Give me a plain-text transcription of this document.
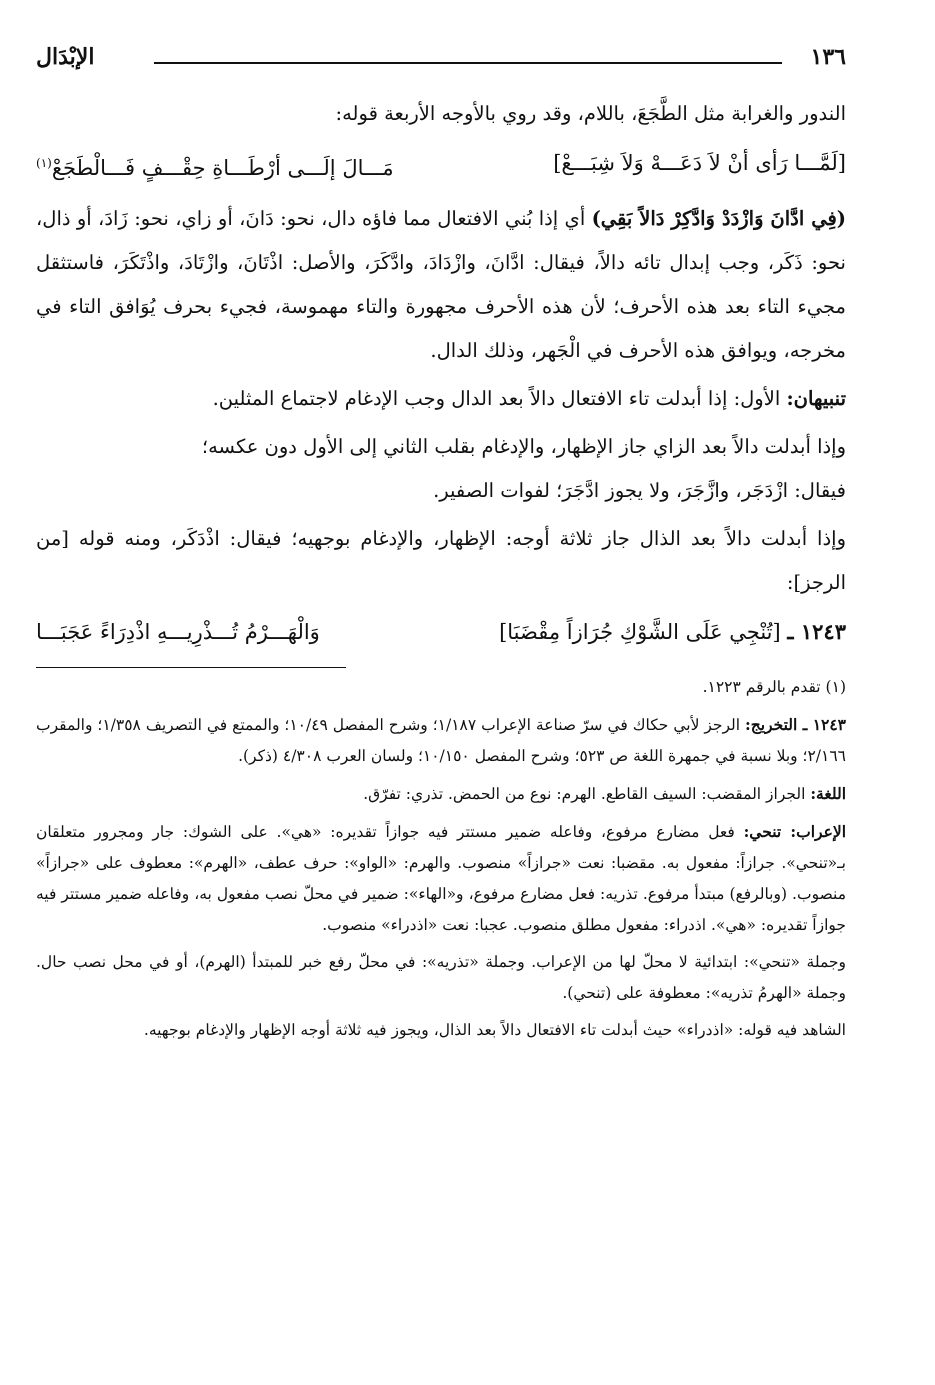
١٣٦
الإبْدَال

الندور والغرابة مثل الطَّجَعَ، باللام، وقد روي بالأوجه الأربعة قوله:

[لَمَّـــا رَأى أنْ لاَ دَعَـــهْ وَلاَ شِبَـــعْ]
مَـــالَ إلَـــى أرْطَـــاةِ حِقْـــفٍ فَـــالْطَجَعْ$^{(١)}$

(فِي ادَّانَ وَازْدَدْ وَادَّكِرْ دَالاً بَقِي) أي إذا بُني الافتعال مما فاؤه دال، نحو: دَانَ، أو زاي، نحو: زَادَ، أو ذال، نحو: ذَكَر، وجب إبدال تائه دالاً، فيقال: ادَّانَ، وازْدَادَ، وادَّكَرَ، والأصل: اذْتَانَ، وازْتَادَ، واذْتَكَرَ، فاستثقل مجيء التاء بعد هذه الأحرف؛ لأن هذه الأحرف مجهورة والتاء مهموسة، فجيء بحرف يُوَافق التاء في مخرجه، ويوافق هذه الأحرف في الْجَهر، وذلك الدال.

تنبيهان: الأول: إذا أبدلت تاء الافتعال دالاً بعد الدال وجب الإدغام لاجتماع المثلين.

وإذا أبدلت دالاً بعد الزاي جاز الإظهار، والإدغام بقلب الثاني إلى الأول دون عكسه؛
فيقال: ازْدَجَر، وازَّجَرَ، ولا يجوز ادَّجَرَ؛ لفوات الصفير.

وإذا أبدلت دالاً بعد الذال جاز ثلاثة أوجه: الإظهار، والإدغام بوجهيه؛ فيقال: اذْدَكَر، ومنه قوله [من الرجز]:

١٢٤٣ ـ [تُنْجِي عَلَى الشَّوْكِ جُرَازاً مِقْضَبَا]
وَالْهَـــرْمُ تُـــذْرِيـــهِ اذْدِرَاءً عَجَبَـــا

(١) تقدم بالرقم ١٢٢٣.

١٢٤٣ ـ التخريج: الرجز لأبي حكاك في سرّ صناعة الإعراب ١/١٨٧؛ وشرح المفصل ١٠/٤٩؛ والممتع في التصريف ١/٣٥٨؛ والمقرب ٢/١٦٦؛ وبلا نسبة في جمهرة اللغة ص ٥٢٣؛ وشرح المفصل ١٠/١٥٠؛ ولسان العرب ٤/٣٠٨ (ذكر).

اللغة: الجراز المقضب: السيف القاطع. الهرم: نوع من الحمض. تذري: تفرّق.

الإعراب: تنحي: فعل مضارع مرفوع، وفاعله ضمير مستتر فيه جوازاً تقديره: «هي». على الشوك: جار ومجرور متعلقان بـ«تنحي». جرازاً: مفعول به. مقضبا: نعت «جرازاً» منصوب. والهرم: «الواو»: حرف عطف، «الهرم»: معطوف على «جرازاً» منصوب. (وبالرفع) مبتدأ مرفوع. تذريه: فعل مضارع مرفوع، و«الهاء»: ضمير في محلّ نصب مفعول به، وفاعله ضمير مستتر فيه جوازاً تقديره: «هي». اذدراء: مفعول مطلق منصوب. عجبا: نعت «اذدراء» منصوب.

وجملة «تنحي»: ابتدائية لا محلّ لها من الإعراب. وجملة «تذريه»: في محلّ رفع خبر للمبتدأ (الهرم)، أو في محل نصب حال. وجملة «الهرمُ تذريه»: معطوفة على (تنحي).

الشاهد فيه قوله: «اذدراء» حيث أبدلت تاء الافتعال دالاً بعد الذال، ويجوز فيه ثلاثة أوجه الإظهار والإدغام بوجهيه.
